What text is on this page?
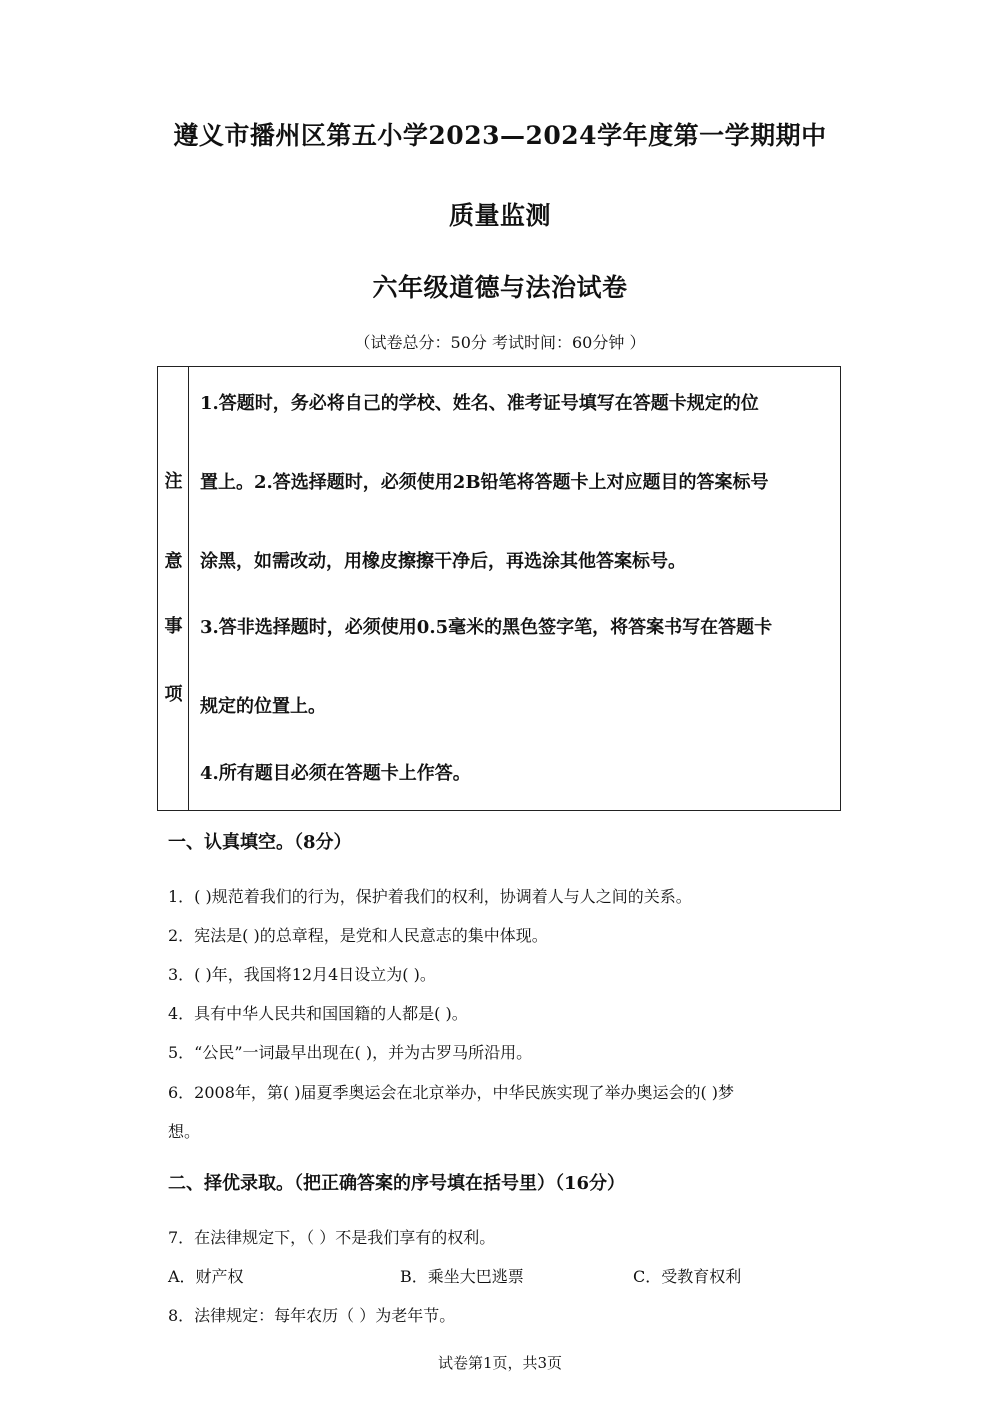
遵义市播州区第五小学2023—2024学年度第一学期期中
质量监测
六年级道德与法治试卷
（试卷总分：50分 考试时间：60分钟 ）
注
意
事
项
1.答题时，务必将自己的学校、姓名、准考证号填写在答题卡规定的位
置上。2.答选择题时，必须使用2B铅笔将答题卡上对应题目的答案标号
涂黑，如需改动，用橡皮擦擦干净后，再选涂其他答案标号。
3.答非选择题时，必须使用0.5毫米的黑色签字笔，将答案书写在答题卡
规定的位置上。
4.所有题目必须在答题卡上作答。
一、认真填空。（8分）
1．( )规范着我们的行为，保护着我们的权利，协调着人与人之间的关系。
2．宪法是( )的总章程，是党和人民意志的集中体现。
3．( )年，我国将12月4日设立为( )。
4．具有中华人民共和国国籍的人都是( )。
5．“公民”一词最早出现在( )，并为古罗马所沿用。
6．2008年，第( )届夏季奥运会在北京举办，中华民族实现了举办奥运会的( )梦
想。
二、择优录取。（把正确答案的序号填在括号里）（16分）
7．在法律规定下，（ ）不是我们享有的权利。
A．财产权	B．乘坐大巴逃票	C．受教育权利
8．法律规定：每年农历（ ）为老年节。
试卷第1页，共3页
